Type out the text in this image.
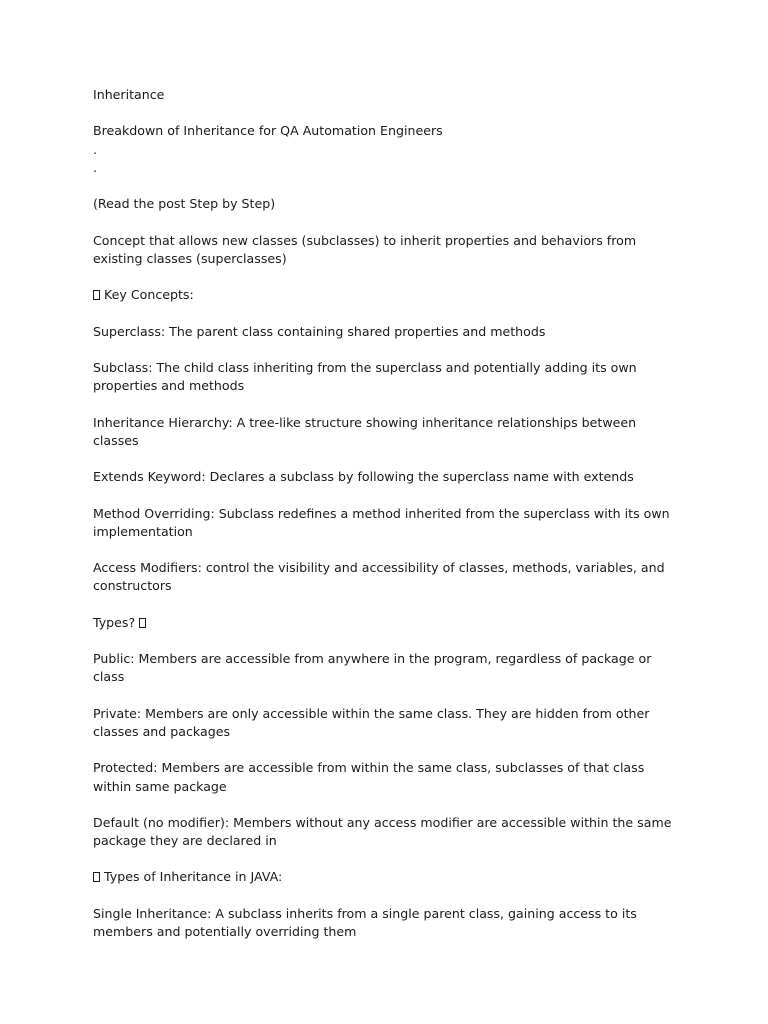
Inheritance

Breakdown of Inheritance for QA Automation Engineers

.

.

(Read the post Step by Step)

Concept that allows new classes (subclasses) to inherit properties and behaviors from existing classes (superclasses)

Key Concepts:

Superclass: The parent class containing shared properties and methods

Subclass: The child class inheriting from the superclass and potentially adding its own properties and methods

Inheritance Hierarchy: A tree-like structure showing inheritance relationships between classes

Extends Keyword: Declares a subclass by following the superclass name with extends

Method Overriding: Subclass redefines a method inherited from the superclass with its own implementation

Access Modifiers: control the visibility and accessibility of classes, methods, variables, and constructors

Types?

Public: Members are accessible from anywhere in the program, regardless of package or class

Private: Members are only accessible within the same class. They are hidden from other classes and packages

Protected: Members are accessible from within the same class, subclasses of that class within same package

Default (no modifier): Members without any access modifier are accessible within the same package they are declared in

Types of Inheritance in JAVA:

Single Inheritance: A subclass inherits from a single parent class, gaining access to its members and potentially overriding them
